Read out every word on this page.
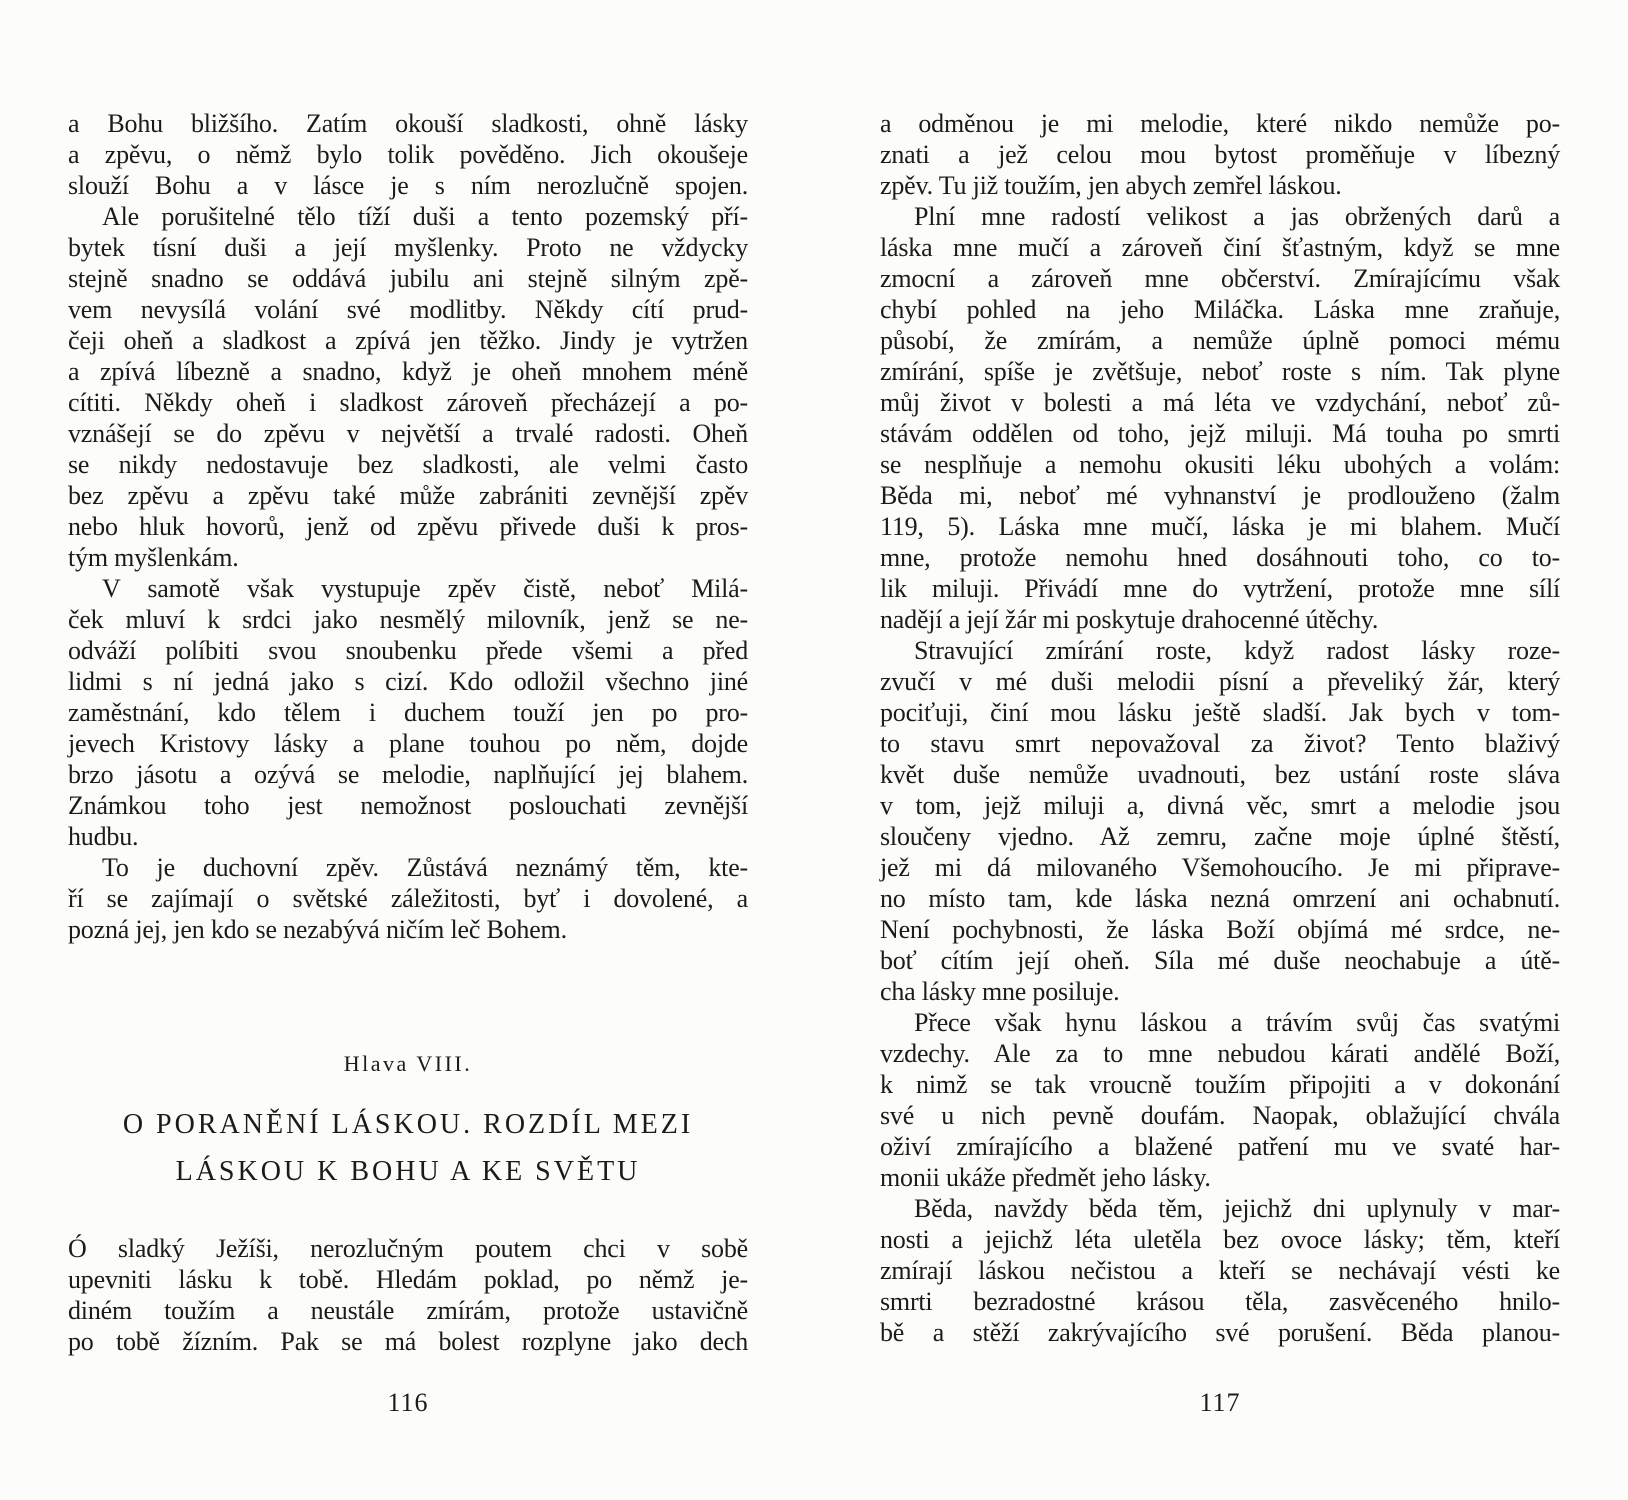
a Bohu bližšího. Zatím okouší sladkosti, ohně lásky
a zpěvu, o němž bylo tolik pověděno. Jich okoušeje
slouží Bohu a v lásce je s ním nerozlučně spojen.
Ale porušitelné tělo tíží duši a tento pozemský pří-
bytek tísní duši a její myšlenky. Proto ne vždycky
stejně snadno se oddává jubilu ani stejně silným zpě-
vem nevysílá volání své modlitby. Někdy cítí prud-
čeji oheň a sladkost a zpívá jen těžko. Jindy je vytržen
a zpívá líbezně a snadno, když je oheň mnohem méně
cítiti. Někdy oheň i sladkost zároveň přecházejí a po-
vznášejí se do zpěvu v největší a trvalé radosti. Oheň
se nikdy nedostavuje bez sladkosti, ale velmi často
bez zpěvu a zpěvu také může zabrániti zevnější zpěv
nebo hluk hovorů, jenž od zpěvu přivede duši k pros-
tým myšlenkám.
V samotě však vystupuje zpěv čistě, neboť Milá-
ček mluví k srdci jako nesmělý milovník, jenž se ne-
odváží políbiti svou snoubenku přede všemi a před
lidmi s ní jedná jako s cizí. Kdo odložil všechno jiné
zaměstnání, kdo tělem i duchem touží jen po pro-
jevech Kristovy lásky a plane touhou po něm, dojde
brzo jásotu a ozývá se melodie, naplňující jej blahem.
Známkou toho jest nemožnost poslouchati zevnější
hudbu.
To je duchovní zpěv. Zůstává neznámý těm, kte-
ří se zajímají o světské záležitosti, byť i dovolené, a
pozná jej, jen kdo se nezabývá ničím leč Bohem.
Hlava VIII.
O PORANĚNÍ LÁSKOU. ROZDÍL MEZI
LÁSKOU K BOHU A KE SVĚTU
Ó sladký Ježíši, nerozlučným poutem chci v sobě
upevniti lásku k tobě. Hledám poklad, po němž je-
diném toužím a neustále zmírám, protože ustavičně
po tobě žízním. Pak se má bolest rozplyne jako dech
116
a odměnou je mi melodie, které nikdo nemůže po-
znati a jež celou mou bytost proměňuje v líbezný
zpěv. Tu již toužím, jen abych zemřel láskou.
Plní mne radostí velikost a jas obržených darů a
láska mne mučí a zároveň činí šťastným, když se mne
zmocní a zároveň mne občerství. Zmírajícímu však
chybí pohled na jeho Miláčka. Láska mne zraňuje,
působí, že zmírám, a nemůže úplně pomoci mému
zmírání, spíše je zvětšuje, neboť roste s ním. Tak plyne
můj život v bolesti a má léta ve vzdychání, neboť zů-
stávám oddělen od toho, jejž miluji. Má touha po smrti
se nesplňuje a nemohu okusiti léku ubohých a volám:
Běda mi, neboť mé vyhnanství je prodlouženo (žalm
119, 5). Láska mne mučí, láska je mi blahem. Mučí
mne, protože nemohu hned dosáhnouti toho, co to-
lik miluji. Přivádí mne do vytržení, protože mne sílí
nadějí a její žár mi poskytuje drahocenné útěchy.
Stravující zmírání roste, když radost lásky roze-
zvučí v mé duši melodii písní a převeliký žár, který
pociťuji, činí mou lásku ještě sladší. Jak bych v tom-
to stavu smrt nepovažoval za život? Tento blaživý
květ duše nemůže uvadnouti, bez ustání roste sláva
v tom, jejž miluji a, divná věc, smrt a melodie jsou
sloučeny vjedno. Až zemru, začne moje úplné štěstí,
jež mi dá milovaného Všemohoucího. Je mi připrave-
no místo tam, kde láska nezná omrzení ani ochabnutí.
Není pochybnosti, že láska Boží objímá mé srdce, ne-
boť cítím její oheň. Síla mé duše neochabuje a útě-
cha lásky mne posiluje.
Přece však hynu láskou a trávím svůj čas svatými
vzdechy. Ale za to mne nebudou kárati andělé Boží,
k nimž se tak vroucně toužím připojiti a v dokonání
své u nich pevně doufám. Naopak, oblažující chvála
oživí zmírajícího a blažené patření mu ve svaté har-
monii ukáže předmět jeho lásky.
Běda, navždy běda těm, jejichž dni uplynuly v mar-
nosti a jejichž léta uletěla bez ovoce lásky; těm, kteří
zmírají láskou nečistou a kteří se nechávají vésti ke
smrti bezradostné krásou těla, zasvěceného hnilo-
bě a stěží zakrývajícího své porušení. Běda planou-
117
